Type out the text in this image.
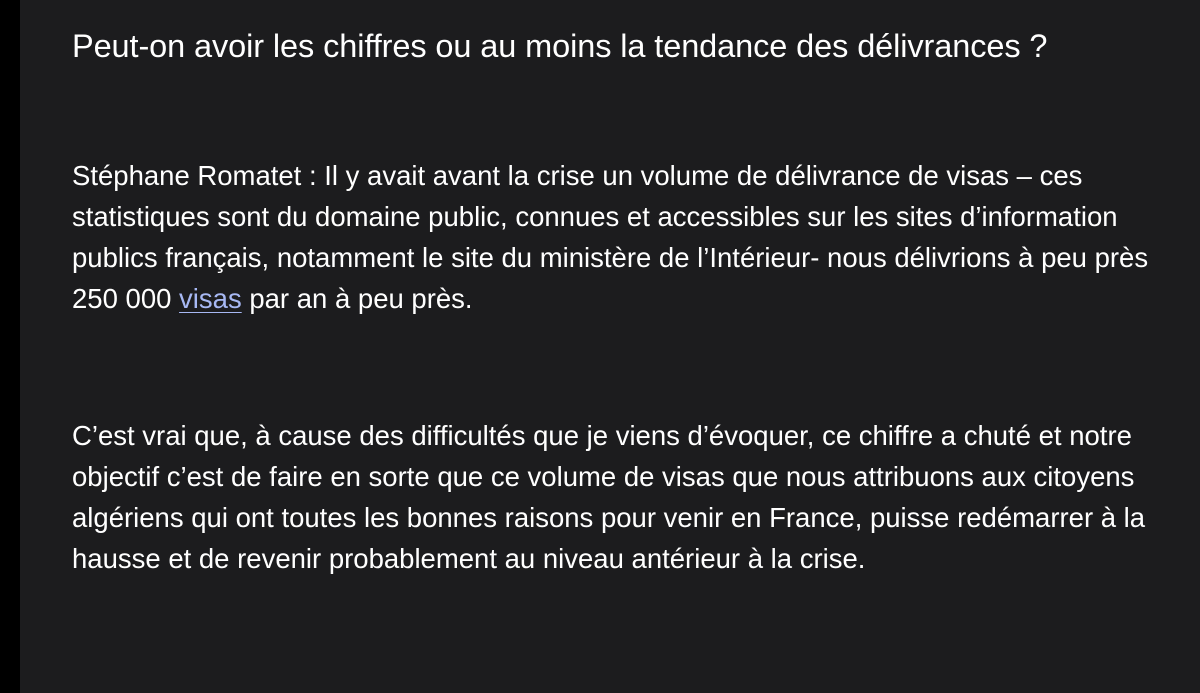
Peut-on avoir les chiffres ou au moins la tendance des délivrances ?

Stéphane Romatet : Il y avait avant la crise un volume de délivrance de visas – ces statistiques sont du domaine public, connues et accessibles sur les sites d’information publics français, notamment le site du ministère de l’Intérieur- nous délivrions à peu près 250 000 visas par an à peu près.

C’est vrai que, à cause des difficultés que je viens d’évoquer, ce chiffre a chuté et notre objectif c’est de faire en sorte que ce volume de visas que nous attribuons aux citoyens algériens qui ont toutes les bonnes raisons pour venir en France, puisse redémarrer à la hausse et de revenir probablement au niveau antérieur à la crise.
